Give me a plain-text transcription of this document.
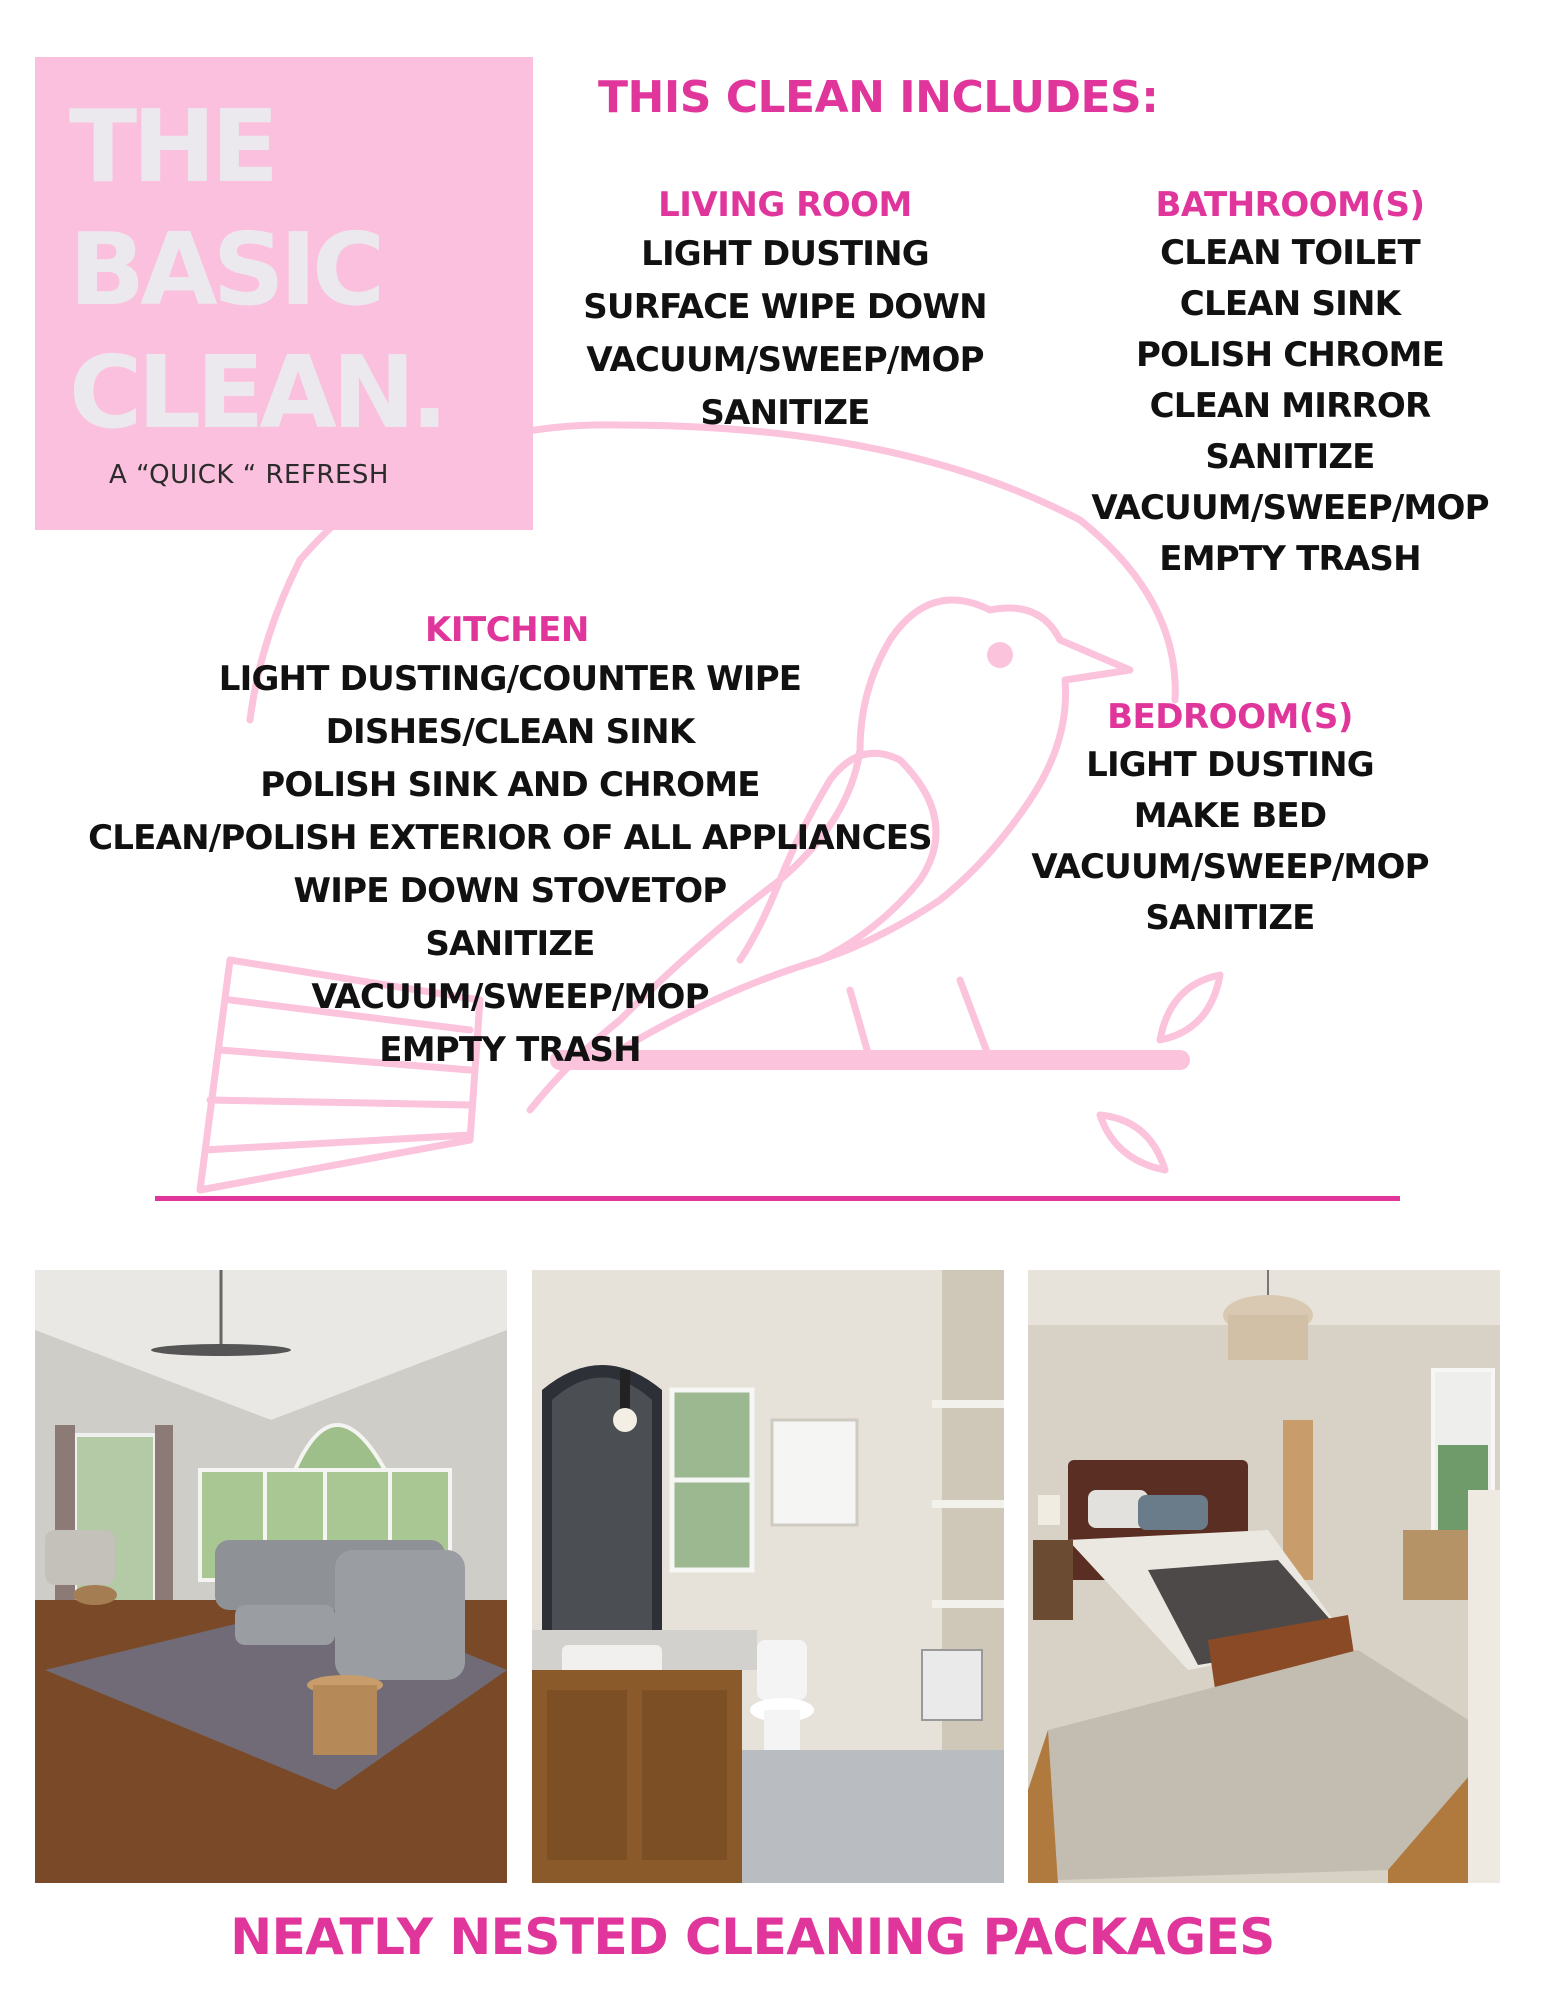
THE
BASIC
CLEAN.
A “QUICK “ REFRESH
THIS CLEAN INCLUDES:
LIVING ROOM
LIGHT DUSTING
SURFACE WIPE DOWN
VACUUM/SWEEP/MOP
SANITIZE
BATHROOM(S)
CLEAN TOILET
CLEAN SINK
POLISH CHROME
CLEAN MIRROR
SANITIZE
VACUUM/SWEEP/MOP
EMPTY TRASH
KITCHEN
LIGHT DUSTING/COUNTER WIPE
DISHES/CLEAN SINK
POLISH SINK AND CHROME
CLEAN/POLISH EXTERIOR OF ALL APPLIANCES
WIPE DOWN STOVETOP
SANITIZE
VACUUM/SWEEP/MOP
EMPTY TRASH
BEDROOM(S)
LIGHT DUSTING
MAKE BED
VACUUM/SWEEP/MOP
SANITIZE
NEATLY NESTED CLEANING PACKAGES
